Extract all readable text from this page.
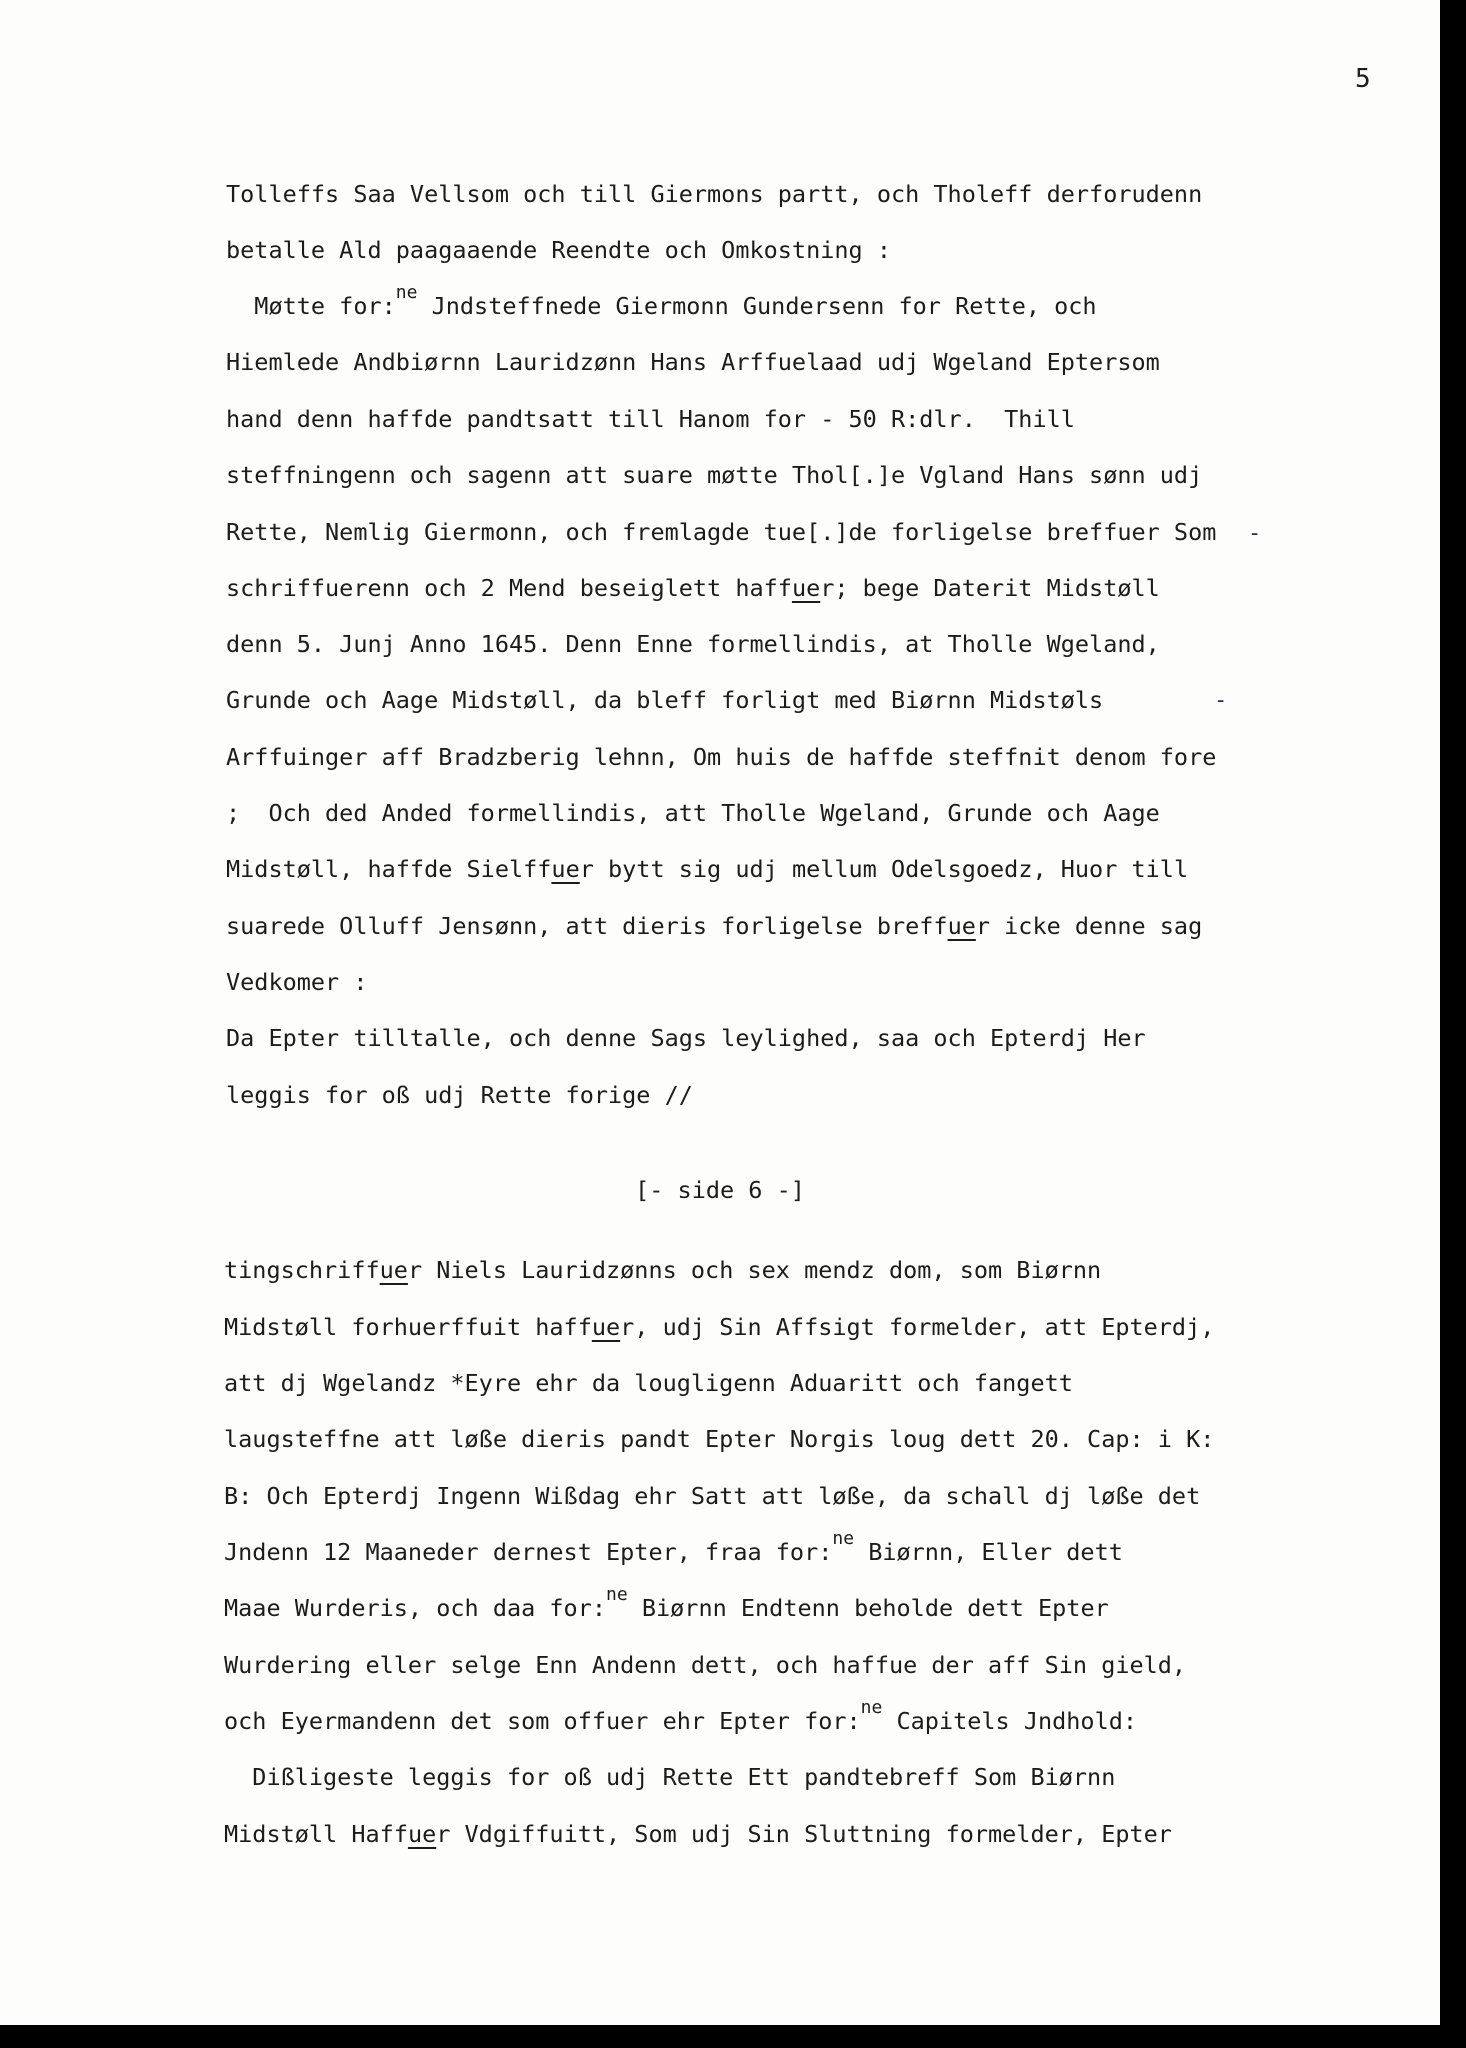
5
Tolleffs Saa Vellsom och till Giermons partt, och Tholeff derforudenn
betalle Ald paagaaende Reendte och Omkostning :
Møtte for:$^{ne}$ Jndsteffnede Giermonn Gundersenn for Rette, och
Hiemlede Andbiørnn Lauridzønn Hans Arffuelaad udj Wgeland Eptersom
hand denn haffde pandtsatt till Hanom for - 50 R:dlr.  Thill
steffningenn och sagenn att suare møtte Thol[.]e Vgland Hans sønn udj
Rette, Nemlig Giermonn, och fremlagde tue[.]de forligelse breffuer Som
schriffuerenn och 2 Mend beseiglett haffuer; bege Daterit Midstøll
denn 5. Junj Anno 1645. Denn Enne formellindis, at Tholle Wgeland,
Grunde och Aage Midstøll, da bleff forligt med Biørnn Midstøls
Arffuinger aff Bradzberig lehnn, Om huis de haffde steffnit denom fore
;  Och ded Anded formellindis, att Tholle Wgeland, Grunde och Aage
Midstøll, haffde Sielffuer bytt sig udj mellum Odelsgoedz, Huor till
suarede Olluff Jensønn, att dieris forligelse breffuer icke denne sag
Vedkomer :
Da Epter tilltalle, och denne Sags leylighed, saa och Epterdj Her
leggis for oß udj Rette forige //
tingschriffuer Niels Lauridzønns och sex mendz dom, som Biørnn
Midstøll forhuerffuit haffuer, udj Sin Affsigt formelder, att Epterdj,
att dj Wgelandz *Eyre ehr da lougligenn Aduaritt och fangett
laugsteffne att løße dieris pandt Epter Norgis loug dett 20. Cap: i K:
B: Och Epterdj Ingenn Wißdag ehr Satt att løße, da schall dj løße det
Jndenn 12 Maaneder dernest Epter, fraa for:$^{ne}$ Biørnn, Eller dett
Maae Wurderis, och daa for:$^{ne}$ Biørnn Endtenn beholde dett Epter
Wurdering eller selge Enn Andenn dett, och haffue der aff Sin gield,
och Eyermandenn det som offuer ehr Epter for:$^{ne}$ Capitels Jndhold:
Dißligeste leggis for oß udj Rette Ett pandtebreff Som Biørnn
Midstøll Haffuer Vdgiffuitt, Som udj Sin Sluttning formelder, Epter
[- side 6 -]
-
-
